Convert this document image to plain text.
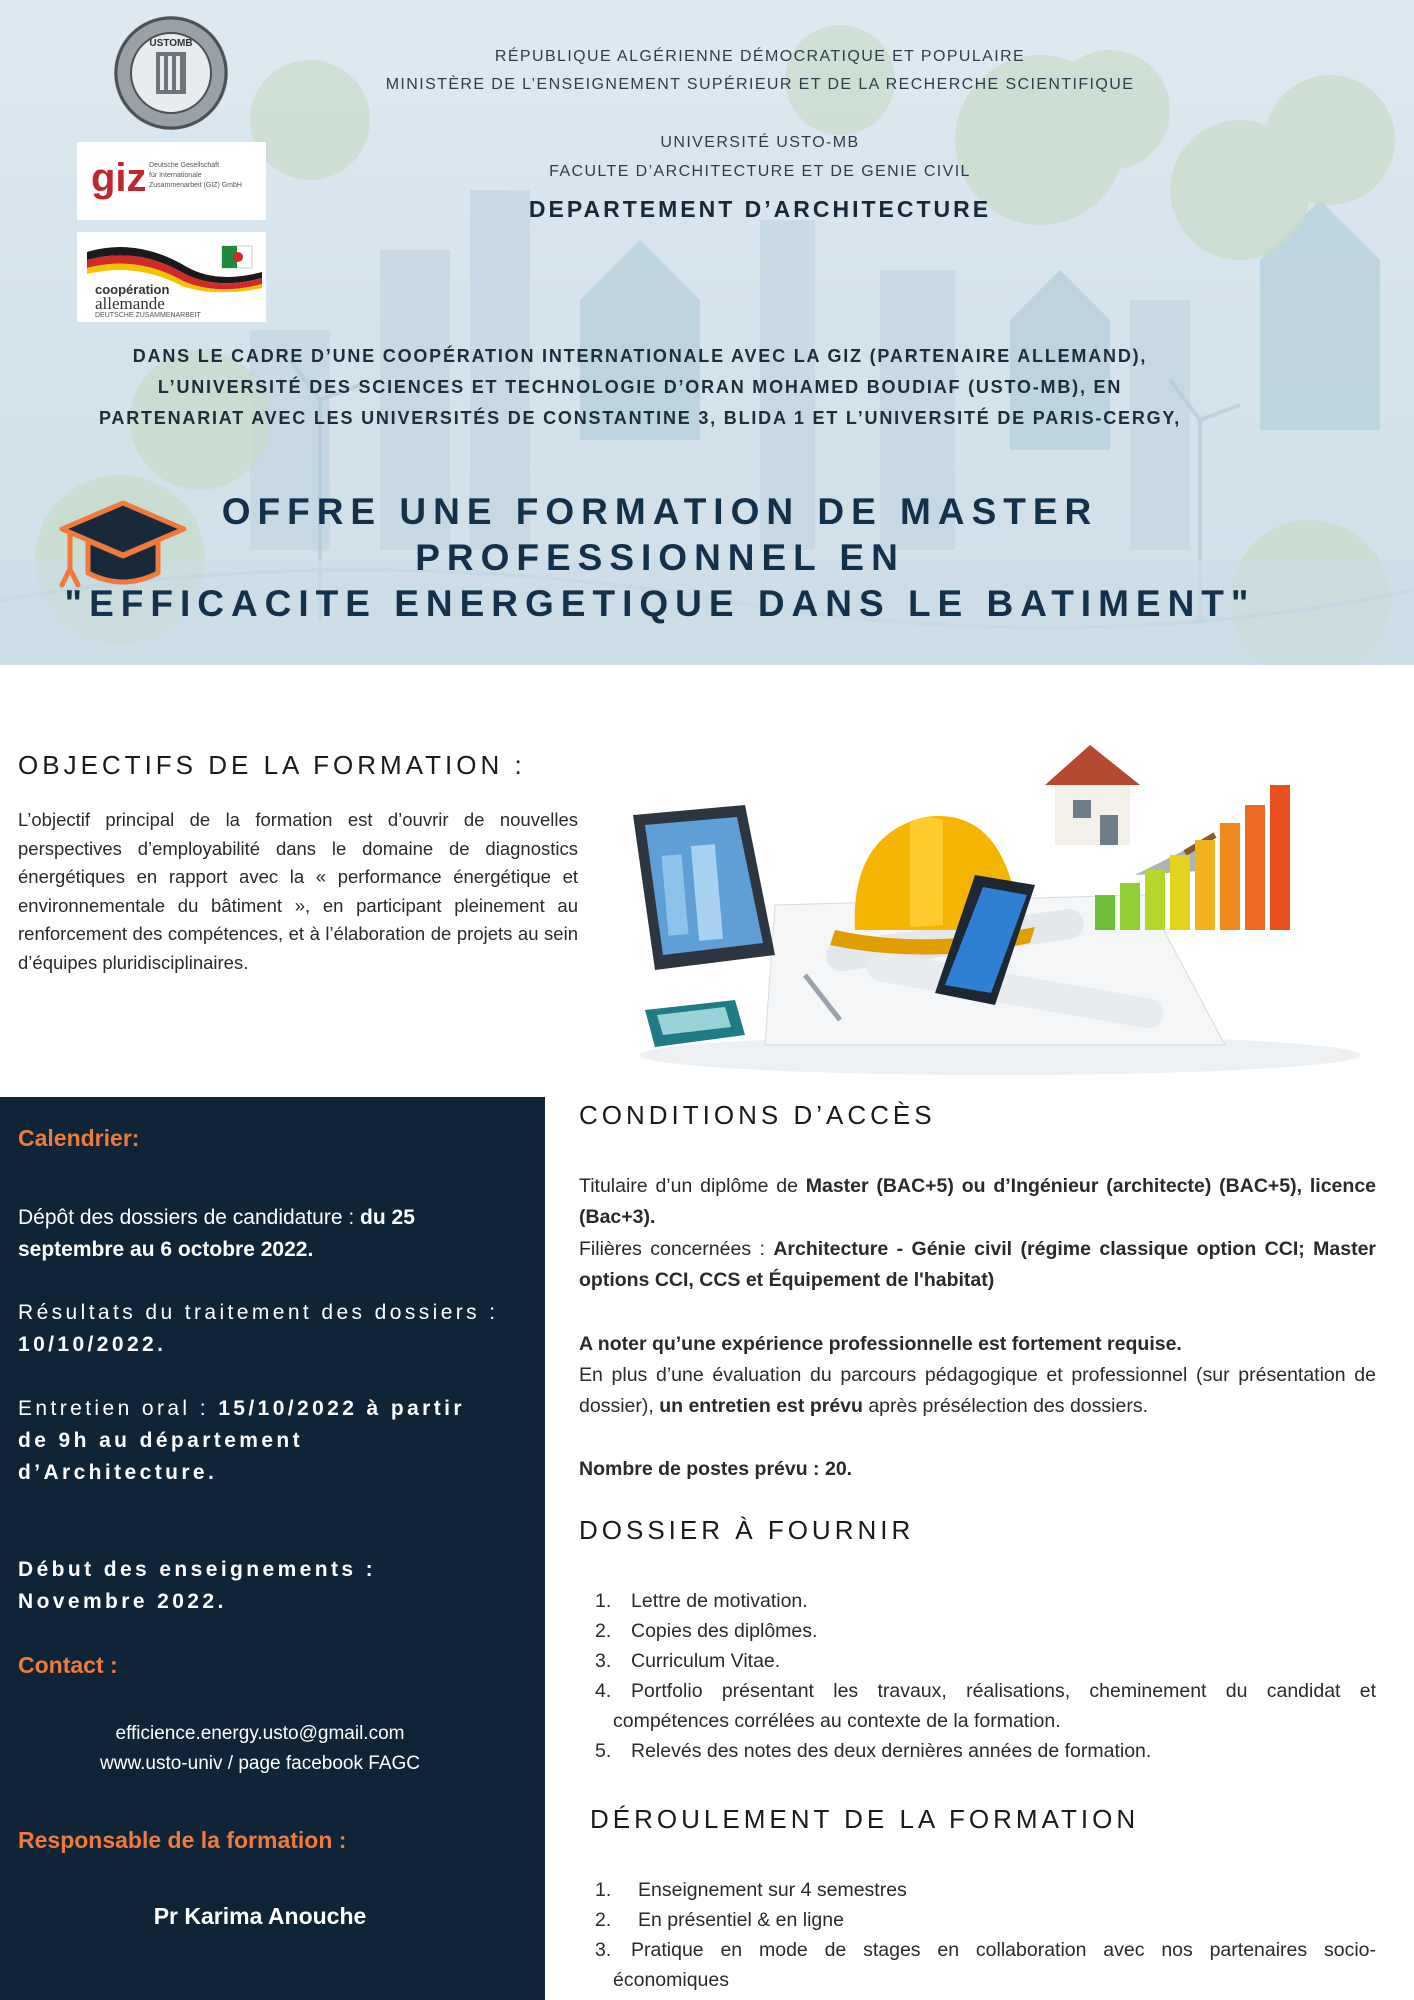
USTOMB
giz Deutsche Gesellschaft
für Internationale
Zusammenarbeit (GIZ) GmbH
coopération
allemande
DEUTSCHE ZUSAMMENARBEIT
RÉPUBLIQUE ALGÉRIENNE DÉMOCRATIQUE ET POPULAIRE
MINISTÈRE DE L’ENSEIGNEMENT SUPÉRIEUR ET DE LA RECHERCHE SCIENTIFIQUE
UNIVERSITÉ USTO-MB
FACULTE D’ARCHITECTURE ET DE GENIE CIVIL
DEPARTEMENT D’ARCHITECTURE
DANS LE CADRE D’UNE COOPÉRATION INTERNATIONALE AVEC LA GIZ (PARTENAIRE ALLEMAND),
L’UNIVERSITÉ DES SCIENCES ET TECHNOLOGIE D’ORAN MOHAMED BOUDIAF (USTO-MB), EN
PARTENARIAT AVEC LES UNIVERSITÉS DE CONSTANTINE 3, BLIDA 1 ET L’UNIVERSITÉ DE PARIS-CERGY,
OFFRE UNE FORMATION DE MASTER
PROFESSIONNEL EN
"EFFICACITE ENERGETIQUE DANS LE BATIMENT"
OBJECTIFS DE LA FORMATION :
L’objectif principal de la formation est d’ouvrir de nouvelles perspectives d’employabilité dans le domaine de diagnostics énergétiques en rapport avec la « performance énergétique et environnementale du bâtiment », en participant pleinement au renforcement des compétences, et à l’élaboration de projets au sein d’équipes pluridisciplinaires.
Calendrier:
Dépôt des dossiers de candidature : du 25 septembre au 6 octobre 2022.
Résultats du traitement des dossiers : 10/10/2022.
Entretien oral : 15/10/2022 à partir de 9h au département d’Architecture.
Début des enseignements : Novembre 2022.
Contact :
efficience.energy.usto@gmail.com
www.usto-univ / page facebook FAGC
Responsable de la formation :
Pr Karima Anouche
CONDITIONS D’ACCÈS
Titulaire d’un diplôme de Master (BAC+5) ou d’Ingénieur (architecte) (BAC+5), licence (Bac+3).
Filières concernées : Architecture - Génie civil (régime classique option CCI; Master options CCI, CCS et Équipement de l'habitat)
A noter qu’une expérience professionnelle est fortement requise.
En plus d’une évaluation du parcours pédagogique et professionnel (sur présentation de dossier), un entretien est prévu après présélection des dossiers.
Nombre de postes prévu : 20.
DOSSIER À FOURNIR
1. Lettre de motivation.
2. Copies des diplômes.
3. Curriculum Vitae.
4. Portfolio présentant les travaux, réalisations, cheminement du candidat et compétences corrélées au contexte de la formation.
5. Relevés des notes des deux dernières années de formation.
DÉROULEMENT DE LA FORMATION
1. Enseignement sur 4 semestres
2. En présentiel & en ligne
3. Pratique en mode de stages en collaboration avec nos partenaires socio-économiques
